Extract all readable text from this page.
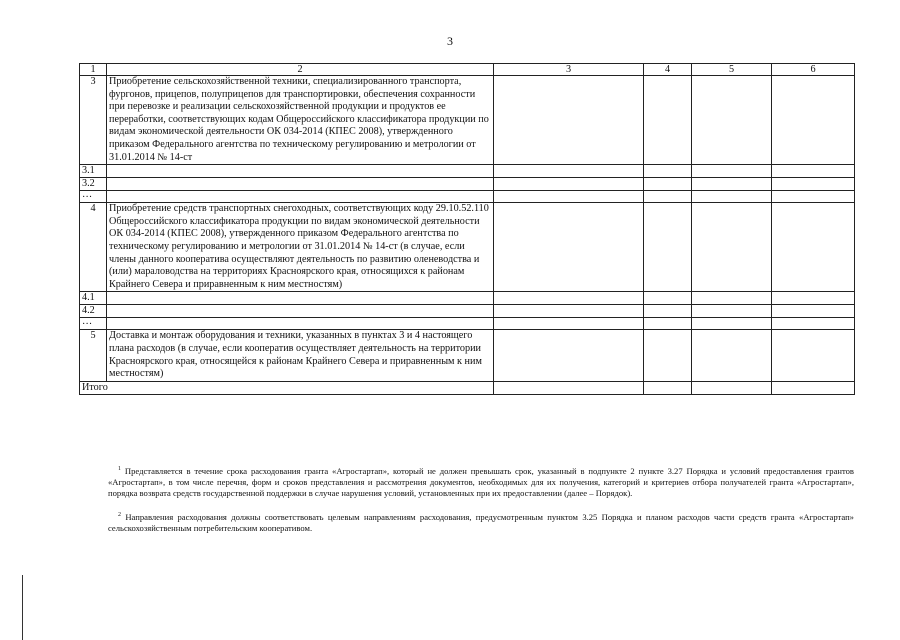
3
1	2	3	4	5	6
3	Приобретение сельскохозяйственной техники, специализированного транспорта, фургонов, прицепов, полуприцепов для транспортировки, обеспечения сохранности при перевозке и реализации сельскохозяйственной продукции и продуктов ее переработки, соответствующих кодам Общероссийского классификатора продукции по видам экономической деятельности ОК 034-2014 (КПЕС 2008), утвержденного приказом Федерального агентства по техническому регулированию и метрологии от 31.01.2014 № 14-ст				
3.1					
3.2					
…					
4	Приобретение средств транспортных снегоходных, соответствующих коду 29.10.52.110 Общероссийского классификатора продукции по видам экономической деятельности ОК 034-2014 (КПЕС 2008), утвержденного приказом Федерального агентства по техническому регулированию и метрологии от 31.01.2014 № 14-ст (в случае, если члены данного кооператива осуществляют деятельность по развитию оленеводства и (или) мараловодства на территориях Красноярского края, относящихся к районам Крайнего Севера и приравненным к ним местностям)				
4.1					
4.2					
…					
5	Доставка и монтаж оборудования и техники, указанных в пунктах 3 и 4 настоящего плана расходов (в случае, если кооператив осуществляет деятельность на территории Красноярского края, относящейся к районам Крайнего Севера и приравненным к ним местностям)				
Итого					
$^1$ Представляется в течение срока расходования гранта «Агростартап», который не должен превышать срок, указанный в подпункте 2 пункте 3.27 Порядка и условий предоставления грантов «Агростартап», в том числе перечня, форм и сроков представления и рассмотрения документов, необходимых для их получения, категорий и критериев отбора получателей гранта «Агростартап», порядка возврата средств государственной поддержки в случае нарушения условий, установленных при их предоставлении (далее – Порядок).
$^2$ Направления расходования должны соответствовать целевым направлениям расходования, предусмотренным пунктом 3.25 Порядка и планом расходов части средств гранта «Агростартап» сельскохозяйственным потребительским кооперативом.
